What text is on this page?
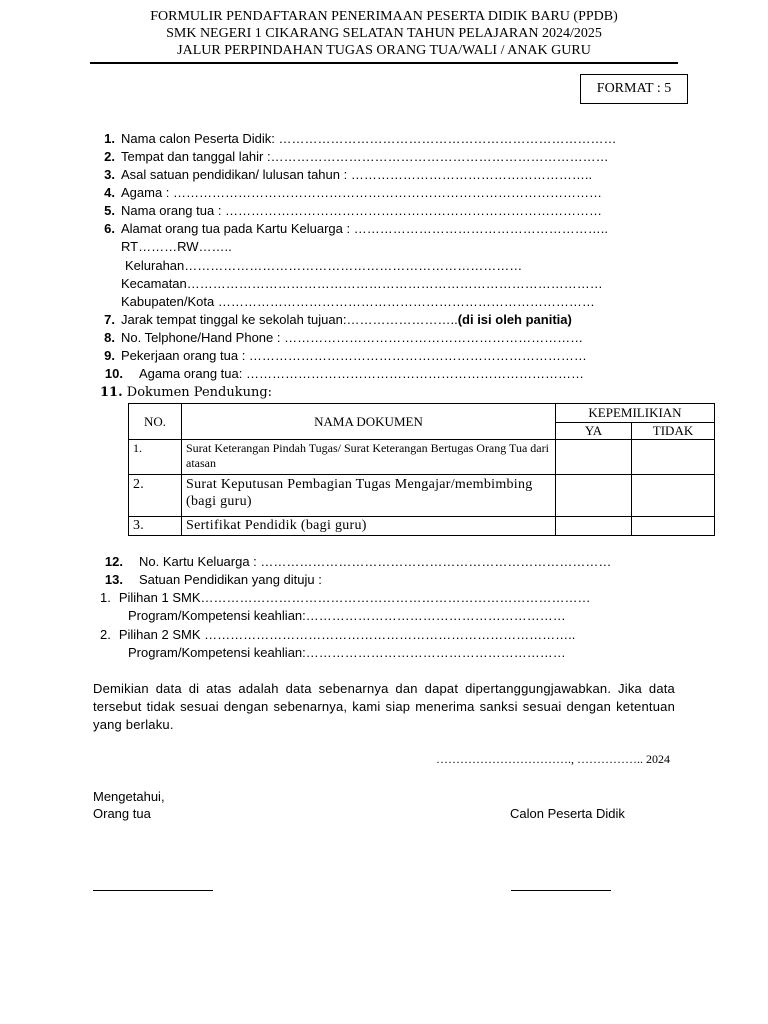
FORMULIR PENDAFTARAN PENERIMAAN PESERTA DIDIK BARU (PPDB)
SMK NEGERI 1 CIKARANG SELATAN TAHUN PELAJARAN 2024/2025
JALUR PERPINDAHAN TUGAS ORANG TUA/WALI / ANAK GURU
FORMAT : 5
1. Nama calon Peserta Didik: ……………………………………………………………………
2. Tempat dan tanggal lahir :……………………………………………………………………
3. Asal satuan pendidikan/ lulusan tahun : ………………………………………………..
4. Agama : ………………………………………………………………………………………
5. Nama orang tua : ……………………………………………………………………………
6. Alamat orang tua pada Kartu Keluarga : …………………………………………………..
RT………RW……..
Kelurahan……………………………………………………………………
Kecamatan……………………………………………………………………………………
Kabupaten/Kota ……………………………………………………………………………
7. Jarak tempat tinggal ke sekolah tujuan:……………………..(di isi oleh panitia)
8. No. Telphone/Hand Phone : ……………………………………………………………
9. Pekerjaan orang tua : ……………………………………………………………………
10. Agama orang tua: ……………………………………………………………………
11. Dokumen Pendukung:
NO.	NAMA DOKUMEN	KEPEMILIKIAN	
		YA	TIDAK
1.	Surat Keterangan Pindah Tugas/ Surat Keterangan Bertugas Orang Tua dari atasan		
2.	Surat Keputusan Pembagian Tugas Mengajar/membimbing (bagi guru)		
3.	Sertifikat Pendidik (bagi guru)		
12. No. Kartu Keluarga : ………………………………………………………………………
13. Satuan Pendidikan yang dituju :
1. Pilihan 1 SMK………………………………………………………………………………
Program/Kompetensi keahlian:……………………………………………………
2. Pilihan 2 SMK …………………………………………………………………………..
Program/Kompetensi keahlian:……………………………………………………
Demikian data di atas adalah data sebenarnya dan dapat dipertanggungjawabkan. Jika data tersebut tidak sesuai dengan sebenarnya, kami siap menerima sanksi sesuai dengan ketentuan yang berlaku.
……………………………., …………….. 2024
Mengetahui,
Orang tua	Calon Peserta Didik
